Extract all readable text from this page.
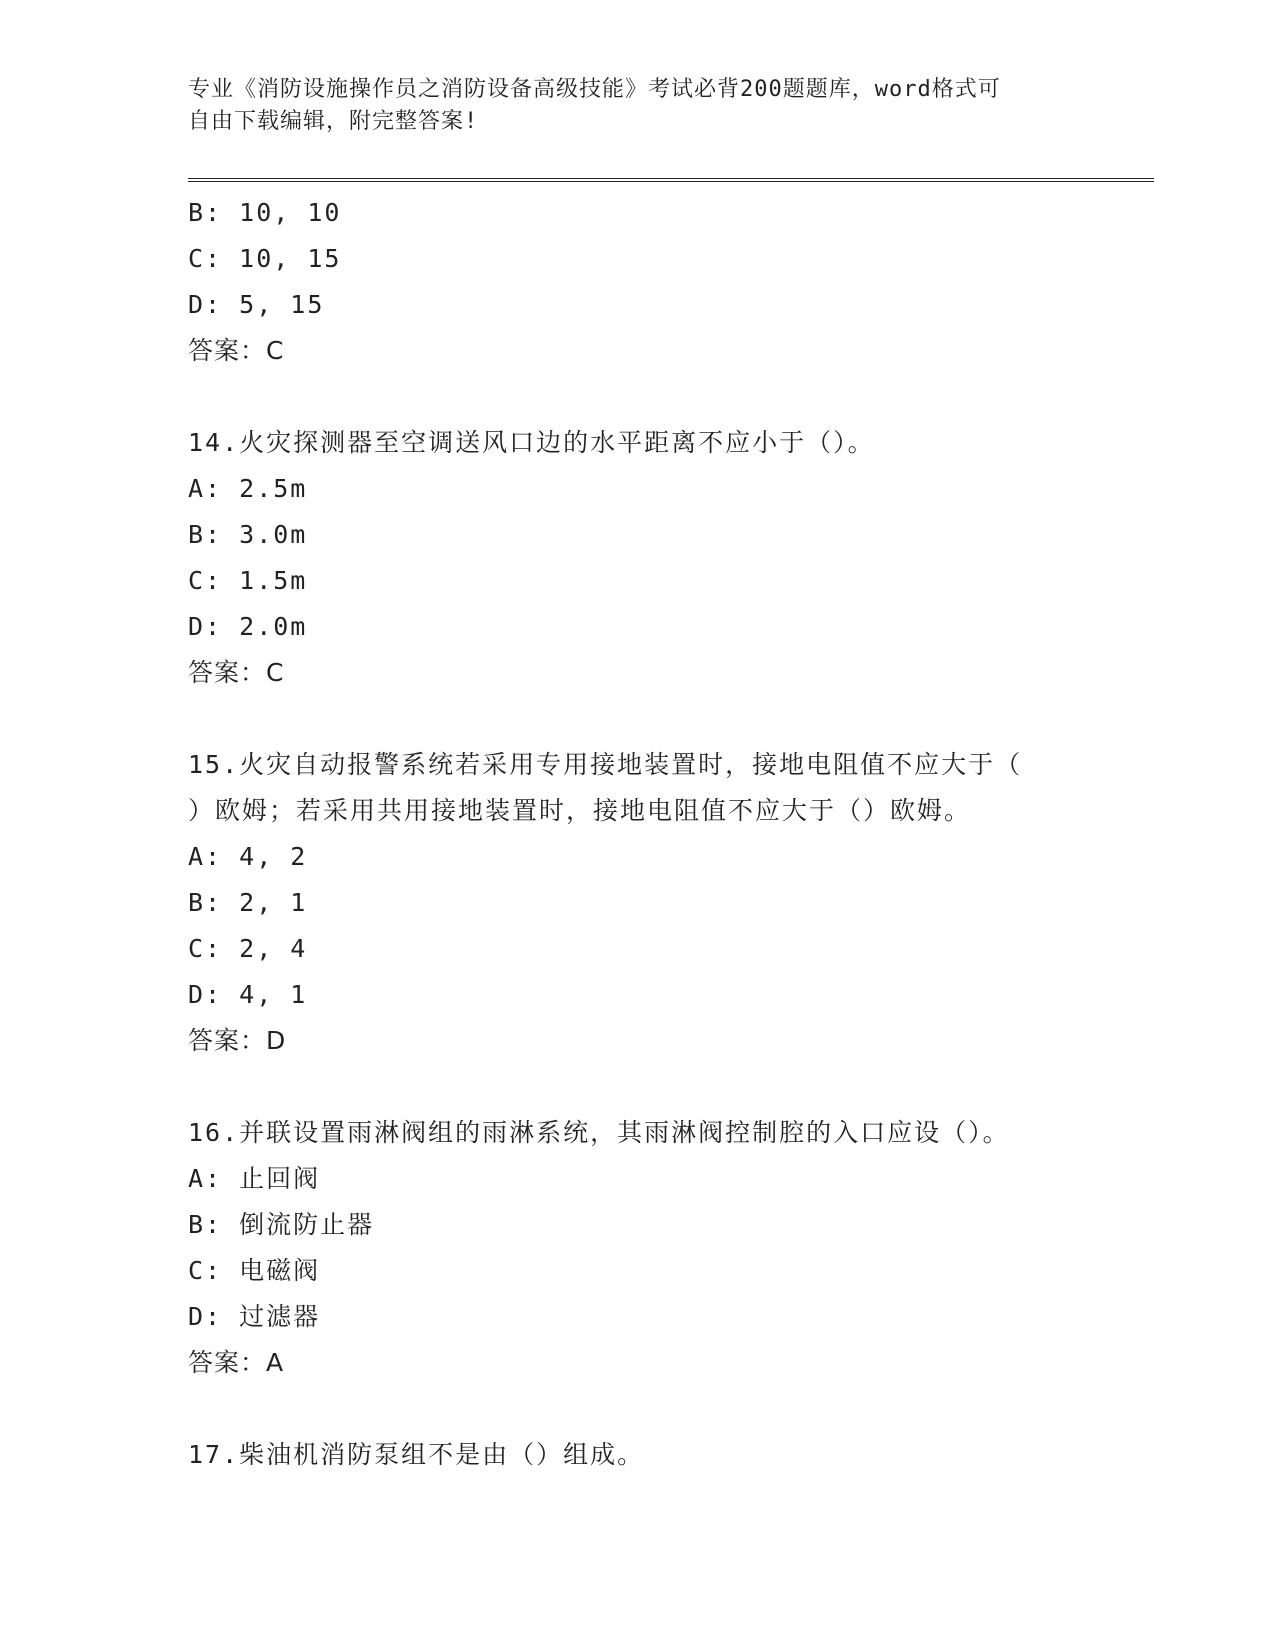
专业《消防设施操作员之消防设备高级技能》考试必背200题题库，word格式可
自由下载编辑，附完整答案!
B: 10, 10
C: 10, 15
D: 5, 15
答案：C
14.火灾探测器至空调送风口边的水平距离不应小于（）。
A: 2.5m
B: 3.0m
C: 1.5m
D: 2.0m
答案：C
15.火灾自动报警系统若采用专用接地装置时，接地电阻值不应大于（
）欧姆；若采用共用接地装置时，接地电阻值不应大于（）欧姆。
A: 4, 2
B: 2, 1
C: 2, 4
D: 4, 1
答案：D
16.并联设置雨淋阀组的雨淋系统，其雨淋阀控制腔的入口应设（）。
A: 止回阀
B: 倒流防止器
C: 电磁阀
D: 过滤器
答案：A
17.柴油机消防泵组不是由（）组成。
